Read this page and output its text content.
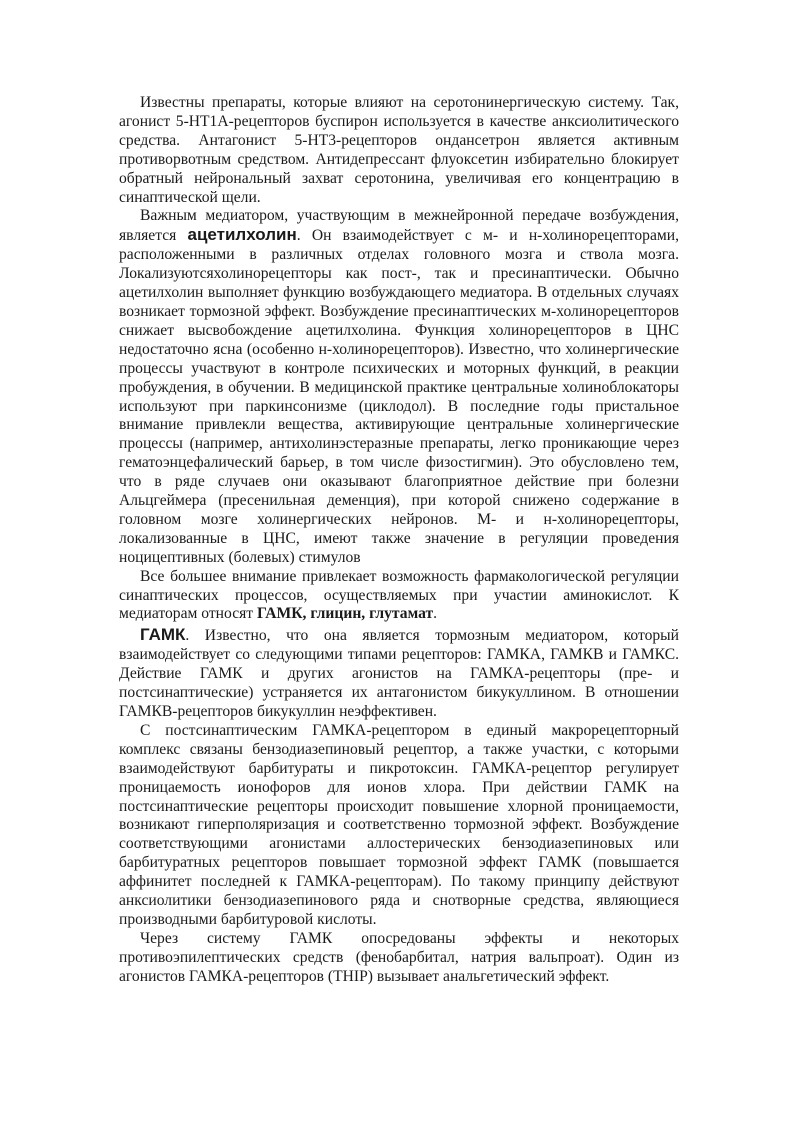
Известны препараты, которые влияют на серотонинергическую систему. Так, агонист 5-НТ1А-рецепторов буспирон используется в качестве анксиолитического средства. Антагонист 5-НТ3-рецепторов ондансетрон является активным противорвотным средством. Антидепрессант флуоксетин избирательно блокирует обратный нейрональный захват серотонина, увеличивая его концентрацию в синаптической щели.

Важным медиатором, участвующим в межнейронной передаче возбуждения, является ацетилхолин. Он взаимодействует с м- и н-холинорецепторами, расположенными в различных отделах головного мозга и ствола мозга. Локализуютсяхолинорецепторы как пост-, так и пресинаптически. Обычно ацетилхолин выполняет функцию возбуждающего медиатора. В отдельных случаях возникает тормозной эффект. Возбуждение пресинаптических м-холинорецепторов снижает высвобождение ацетилхолина. Функция холинорецепторов в ЦНС недостаточно ясна (особенно н-холинорецепторов). Известно, что холинергические процессы участвуют в контроле психических и моторных функций, в реакции пробуждения, в обучении. В медицинской практике центральные холиноблокаторы используют при паркинсонизме (циклодол). В последние годы пристальное внимание привлекли вещества, активирующие центральные холинергические процессы (например, антихолинэстеразные препараты, легко проникающие через гематоэнцефалический барьер, в том числе физостигмин). Это обусловлено тем, что в ряде случаев они оказывают благоприятное действие при болезни Альцгеймера (пресенильная деменция), при которой снижено содержание в головном мозге холинергических нейронов. М- и н-холинорецепторы, локализованные в ЦНС, имеют также значение в регуляции проведения ноцицептивных (болевых) стимулов

Все большее внимание привлекает возможность фармакологической регуляции синаптических процессов, осуществляемых при участии аминокислот. К медиаторам относят ГАМК, глицин, глутамат.

ГАМК. Известно, что она является тормозным медиатором, который взаимодействует со следующими типами рецепторов: ГАМКА, ГАМКВ и ГАМКС. Действие ГАМК и других агонистов на ГАМКА-рецепторы (пре- и постсинаптические) устраняется их антагонистом бикукуллином. В отношении ГАМКВ-рецепторов бикукуллин неэффективен.

С постсинаптическим ГАМКА-рецептором в единый макрорецепторный комплекс связаны бензодиазепиновый рецептор, а также участки, с которыми взаимодействуют барбитураты и пикротоксин. ГАМКА-рецептор регулирует проницаемость ионофоров для ионов хлора. При действии ГАМК на постсинаптические рецепторы происходит повышение хлорной проницаемости, возникают гиперполяризация и соответственно тормозной эффект. Возбуждение соответствующими агонистами аллостерических бензодиазепиновых или барбитуратных рецепторов повышает тормозной эффект ГАМК (повышается аффинитет последней к ГАМКА-рецепторам). По такому принципу действуют анксиолитики бензодиазепинового ряда и снотворные средства, являющиеся производными барбитуровой кислоты.

Через систему ГАМК опосредованы эффекты и некоторых противоэпилептических средств (фенобарбитал, натрия вальпроат). Один из агонистов ГАМКА-рецепторов (THIP) вызывает анальгетический эффект.
